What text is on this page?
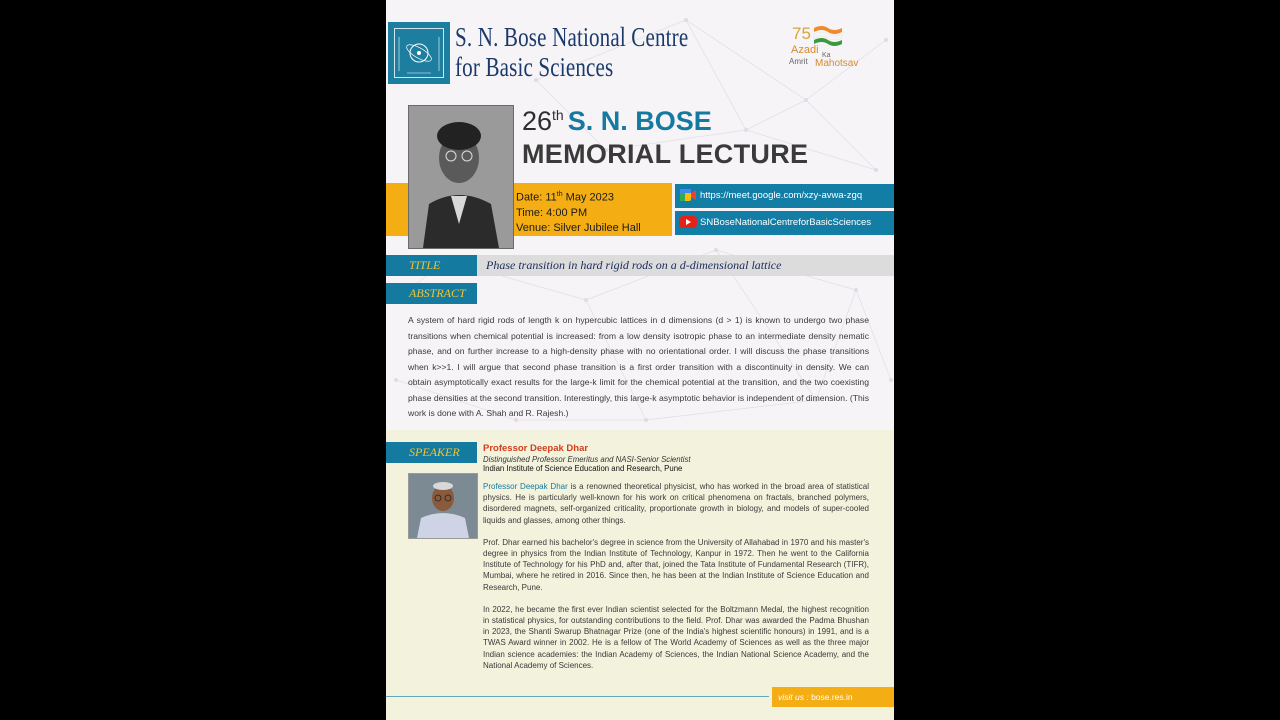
S. N. Bose National Centre
for Basic Sciences
75
Azadi Ka
Amrit Mahotsav
26th S. N. BOSE
MEMORIAL LECTURE
Date: 11th May 2023
Time: 4:00 PM
Venue: Silver Jubilee Hall
https://meet.google.com/xzy-avwa-zgq
SNBoseNationalCentreforBasicSciences
TITLE	Phase transition in hard rigid rods on a d-dimensional lattice
ABSTRACT
A system of hard rigid rods of length k on hypercubic lattices in d dimensions (d > 1) is known to undergo two phase transitions when chemical potential is increased: from a low density isotropic phase to an intermediate density nematic phase, and on further increase to a high-density phase with no orientational order. I will discuss the phase transitions when k>>1. I will argue that second phase transition is a first order transition with a discontinuity in density. We can obtain asymptotically exact results for the large-k limit for the chemical potential at the transition, and the two coexisting phase densities at the second transition. Interestingly, this large-k asymptotic behavior is independent of dimension. (This work is done with A. Shah and R. Rajesh.)
SPEAKER	Professor Deepak Dhar
Distinguished Professor Emeritus and NASI-Senior Scientist
Indian Institute of Science Education and Research, Pune

Professor Deepak Dhar is a renowned theoretical physicist, who has worked in the broad area of statistical physics. He is particularly well-known for his work on critical phenomena on fractals, branched polymers, disordered magnets, self-organized criticality, proportionate growth in biology, and models of super-cooled liquids and glasses, among other things.

Prof. Dhar earned his bachelor's degree in science from the University of Allahabad in 1970 and his master's degree in physics from the Indian Institute of Technology, Kanpur in 1972. Then he went to the California Institute of Technology for his PhD and, after that, joined the Tata Institute of Fundamental Research (TIFR), Mumbai, where he retired in 2016. Since then, he has been at the Indian Institute of Science Education and Research, Pune.

In 2022, he became the first ever Indian scientist selected for the Boltzmann Medal, the highest recognition in statistical physics, for outstanding contributions to the field. Prof. Dhar was awarded the Padma Bhushan in 2023, the Shanti Swarup Bhatnagar Prize (one of the India's highest scientific honours) in 1991, and is a TWAS Award winner in 2002. He is a fellow of The World Academy of Sciences as well as the three major Indian science academies: the Indian Academy of Sciences, the Indian National Science Academy, and the National Academy of Sciences.

visit us : bose.res.in
